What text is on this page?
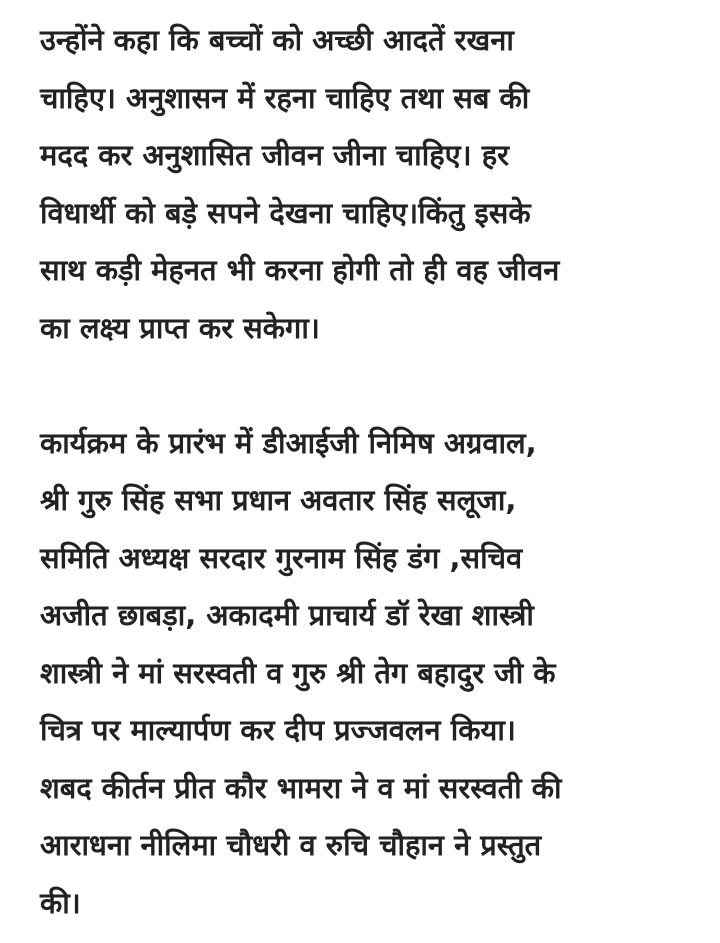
उन्होंने कहा कि बच्चों को अच्छी आदतें रखना
चाहिए। अनुशासन में रहना चाहिए तथा सब की
मदद कर अनुशासित जीवन जीना चाहिए। हर
विधार्थी को बड़े सपने देखना चाहिए।किंतु इसके
साथ कड़ी मेहनत भी करना होगी तो ही वह जीवन
का लक्ष्य प्राप्त कर सकेगा।

कार्यक्रम के प्रारंभ में डीआईजी निमिष अग्रवाल,
श्री गुरु सिंह सभा प्रधान अवतार सिंह सलूजा,
समिति अध्यक्ष सरदार गुरनाम सिंह डंग ,सचिव
अजीत छाबड़ा, अकादमी प्राचार्य डॉ रेखा शास्त्री
शास्त्री ने मां सरस्वती व गुरु श्री तेग बहादुर जी के
चित्र पर माल्यार्पण कर दीप प्रज्जवलन किया।
शबद कीर्तन प्रीत कौर भामरा ने व मां सरस्वती की
आराधना नीलिमा चौधरी व रुचि चौहान ने प्रस्तुत
की।
